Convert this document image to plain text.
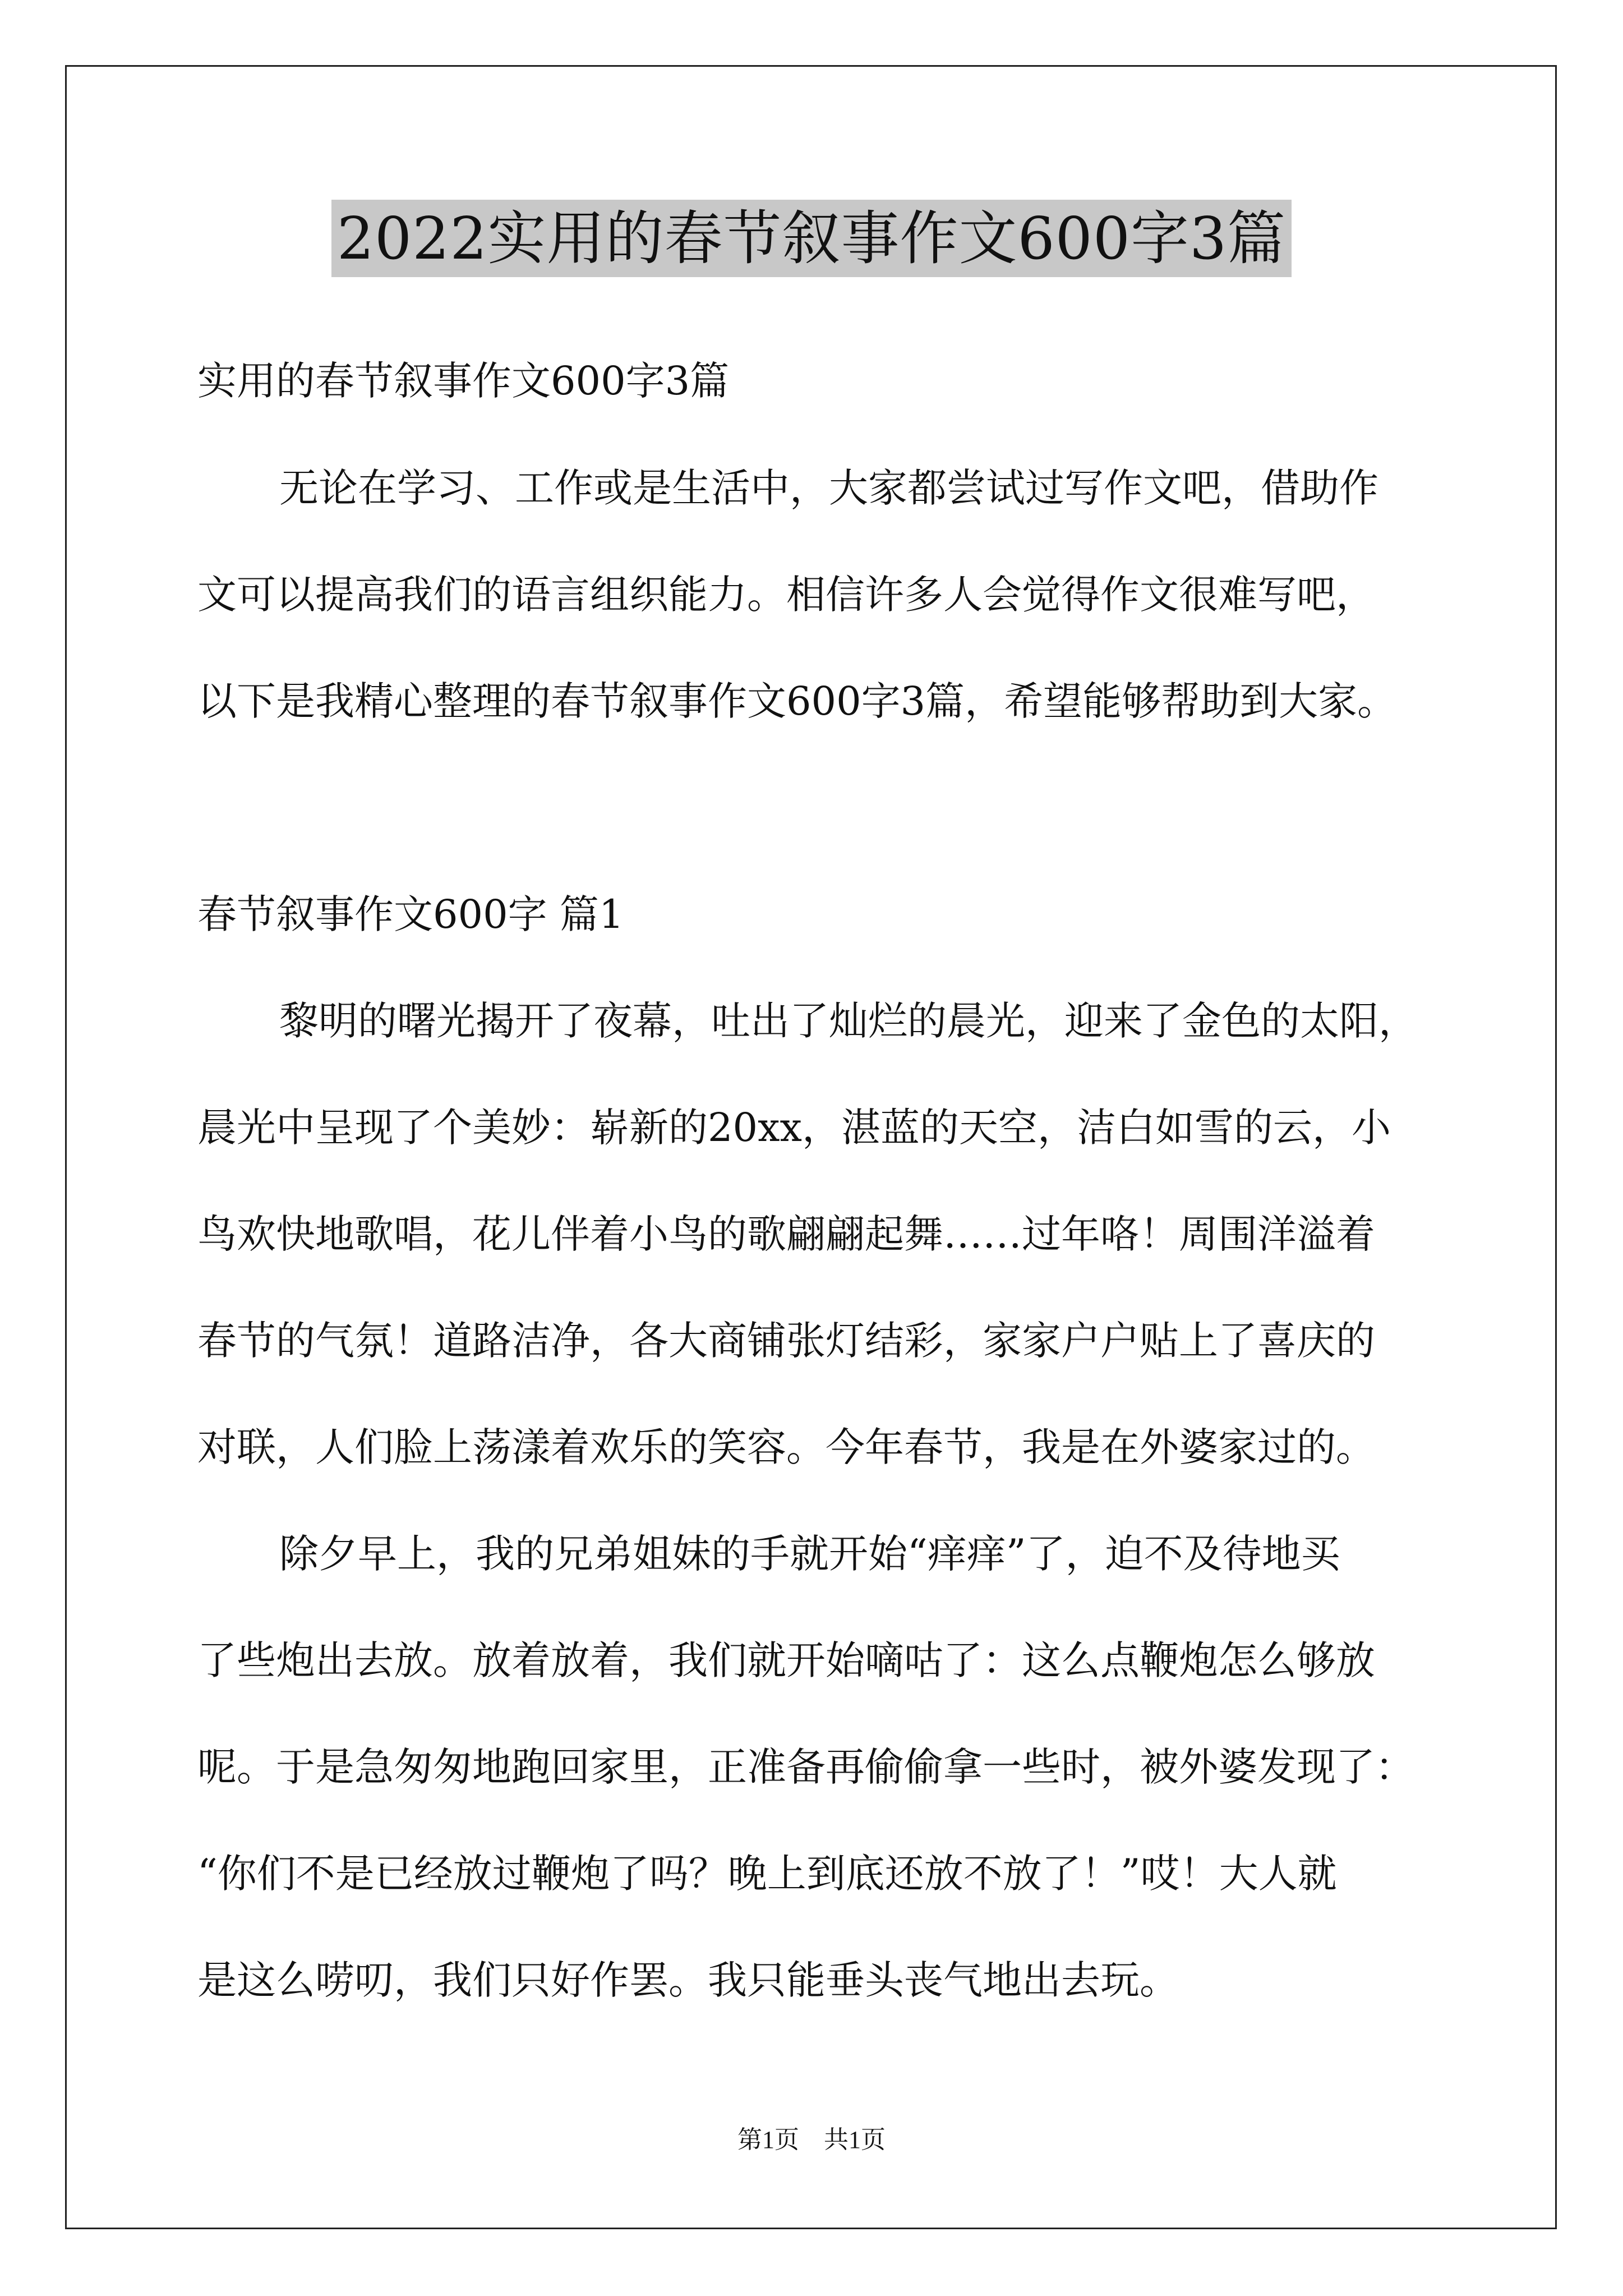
2022实用的春节叙事作文600字3篇
实用的春节叙事作文600字3篇
无论在学习、工作或是生活中，大家都尝试过写作文吧，借助作
文可以提高我们的语言组织能力。相信许多人会觉得作文很难写吧，
以下是我精心整理的春节叙事作文600字3篇，希望能够帮助到大家。
春节叙事作文600字 篇1
黎明的曙光揭开了夜幕，吐出了灿烂的晨光，迎来了金色的太阳，
晨光中呈现了个美妙：崭新的20xx，湛蓝的天空，洁白如雪的云，小
鸟欢快地歌唱，花儿伴着小鸟的歌翩翩起舞……过年咯！周围洋溢着
春节的气氛！道路洁净，各大商铺张灯结彩，家家户户贴上了喜庆的
对联，人们脸上荡漾着欢乐的笑容。今年春节，我是在外婆家过的。
除夕早上，我的兄弟姐妹的手就开始“痒痒”了，迫不及待地买
了些炮出去放。放着放着，我们就开始嘀咕了：这么点鞭炮怎么够放
呢。于是急匆匆地跑回家里，正准备再偷偷拿一些时，被外婆发现了：
“你们不是已经放过鞭炮了吗？晚上到底还放不放了！”哎！大人就
是这么唠叨，我们只好作罢。我只能垂头丧气地出去玩。
第1页　共1页
